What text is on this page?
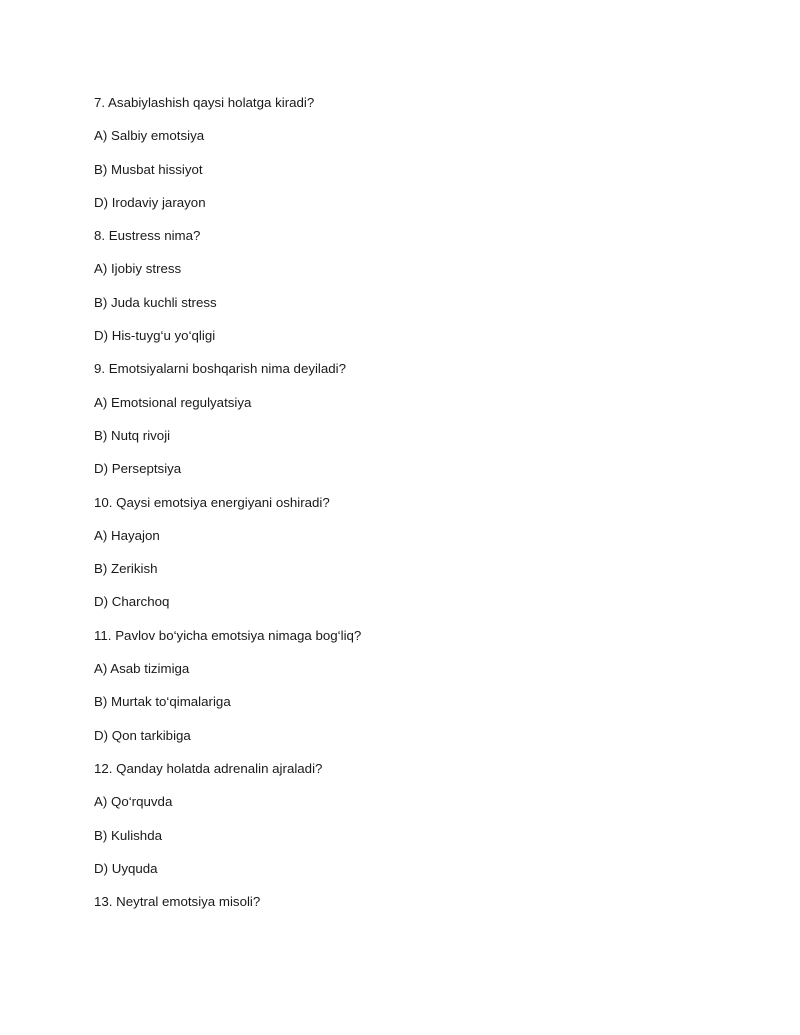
7. Asabiylashish qaysi holatga kiradi?

A) Salbiy emotsiya

B) Musbat hissiyot

D) Irodaviy jarayon

8. Eustress nima?

A) Ijobiy stress

B) Juda kuchli stress

D) His-tuyg‘u yo‘qligi

9. Emotsiyalarni boshqarish nima deyiladi?

A) Emotsional regulyatsiya

B) Nutq rivoji

D) Perseptsiya

10. Qaysi emotsiya energiyani oshiradi?

A) Hayajon

B) Zerikish

D) Charchoq

11. Pavlov bo‘yicha emotsiya nimaga bog‘liq?

A) Asab tizimiga

B) Murtak to‘qimalariga

D) Qon tarkibiga

12. Qanday holatda adrenalin ajraladi?

A) Qo‘rquvda

B) Kulishda

D) Uyquda

13. Neytral emotsiya misoli?
